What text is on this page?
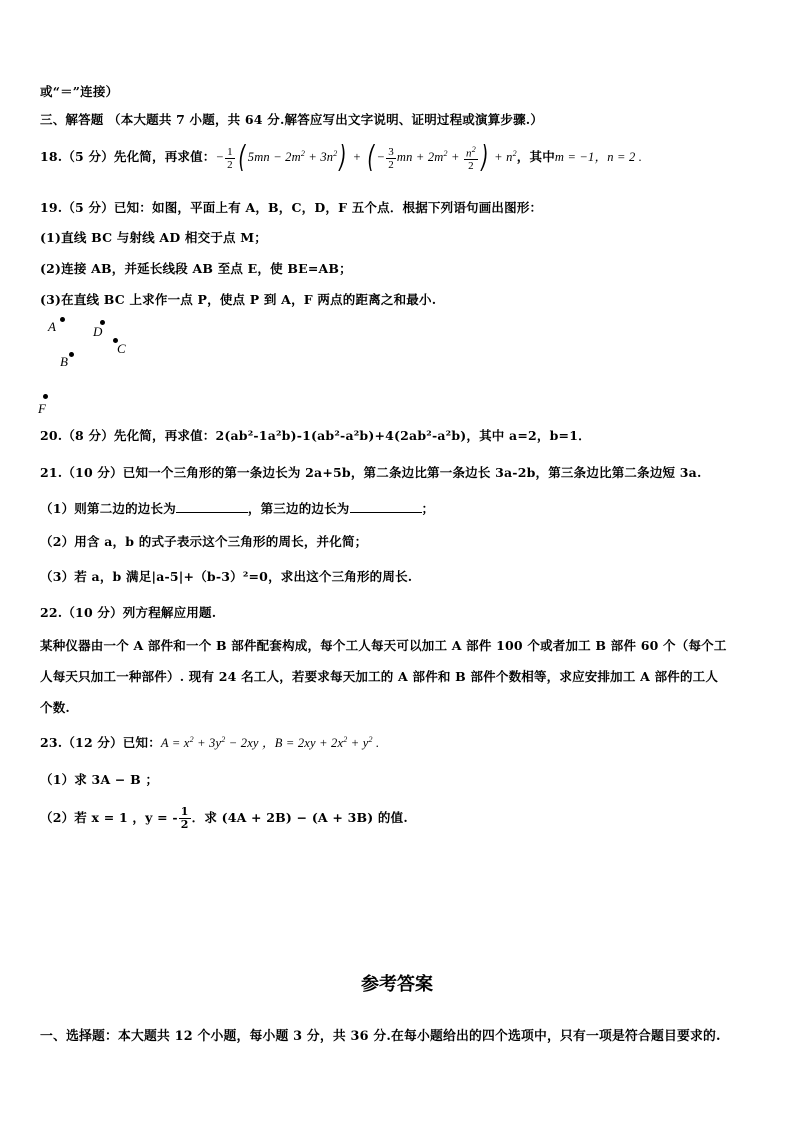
或“＝”连接）
三、解答题 （本大题共 7 小题，共 64 分.解答应写出文字说明、证明过程或演算步骤.）
18.（5 分）先化简，再求值：− $\frac{1}{2}$ ( $5mn - 2m^2 + 3n^2$) + ( − $\frac{3}{2}$ mn + $2m^2 + \frac{n^2}{2}$ ) + $n^2$，其中m = −1，n = 2 .
19.（5 分）已知：如图，平面上有 A，B，C，D，F 五个点．根据下列语句画出图形：
(1)直线 BC 与射线 AD 相交于点 M；
(2)连接 AB，并延长线段 AB 至点 E，使 BE=AB；
(3)在直线 BC 上求作一点 P，使点 P 到 A，F 两点的距离之和最小.
A	D
C
B
F
20.（8 分）先化简，再求值：2(ab²-1a²b)-1(ab²-a²b)+4(2ab²-a²b)，其中 a=2，b=1．
21.（10 分）已知一个三角形的第一条边长为 2a+5b，第二条边比第一条边长 3a-2b，第三条边比第二条边短 3a.
（1）则第二边的边长为	，第三边的边长为	；
（2）用含 a，b 的式子表示这个三角形的周长，并化简；
（3）若 a，b 满足|a-5|+（b-3）²=0，求出这个三角形的周长.
22.（10 分）列方程解应用题.
某种仪器由一个 A 部件和一个 B 部件配套构成，每个工人每天可以加工 A 部件 100 个或者加工 B 部件 60 个（每个工
人每天只加工一种部件）. 现有 24 名工人，若要求每天加工的 A 部件和 B 部件个数相等，求应安排加工 A 部件的工人
个数.
23.（12 分）已知：$A = x^2 + 3y^2 - 2xy$ ，$B = 2xy + 2x^2 + y^2$ .
（1）求 3A − B ；
（2）若 x = 1 ，y = - $\frac{1}{2}$ ．求 (4A + 2B) − (A + 3B) 的值.
参考答案
一、选择题：本大题共 12 个小题，每小题 3 分，共 36 分.在每小题给出的四个选项中，只有一项是符合题目要求的.
